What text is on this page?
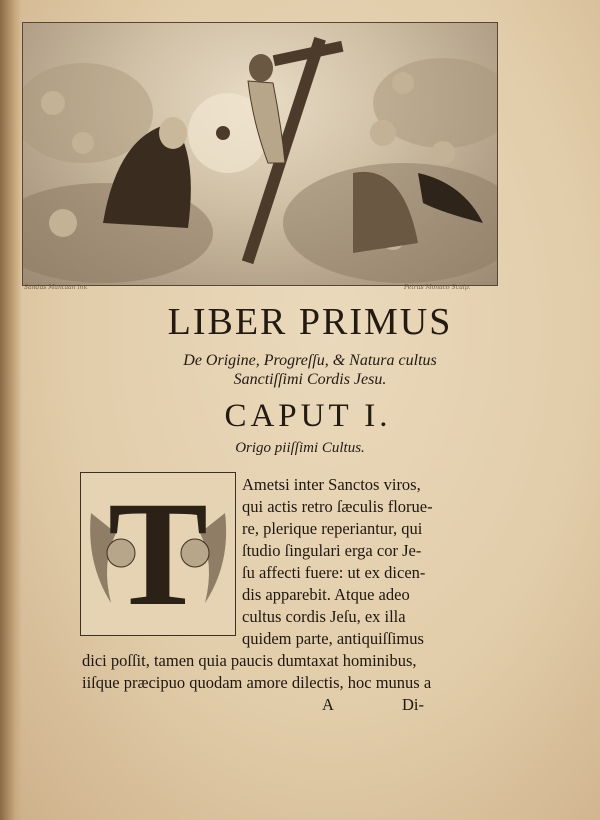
Sandus Mantuan inv.	Petrus Monaco Sculp.
LIBER PRIMUS
De Origine, Progreſſu, & Natura cultus
Sanctiſſimi Cordis Jesu.
CAPUT I.
Origo piiſſimi Cultus.
T	Ametsi inter Sanctos viros,
qui actis retro ſæculis florue-
re, plerique reperiantur, qui
ſtudio ſingulari erga cor Je-
ſu affecti fuere: ut ex dicen-
dis apparebit. Atque adeo
cultus cordis Jeſu, ex illa
quidem parte, antiquiſſimus
dici poſſit, tamen quia paucis dumtaxat hominibus,
iiſque præcipuo quodam amore dilectis, hoc munus a
A	Di-
